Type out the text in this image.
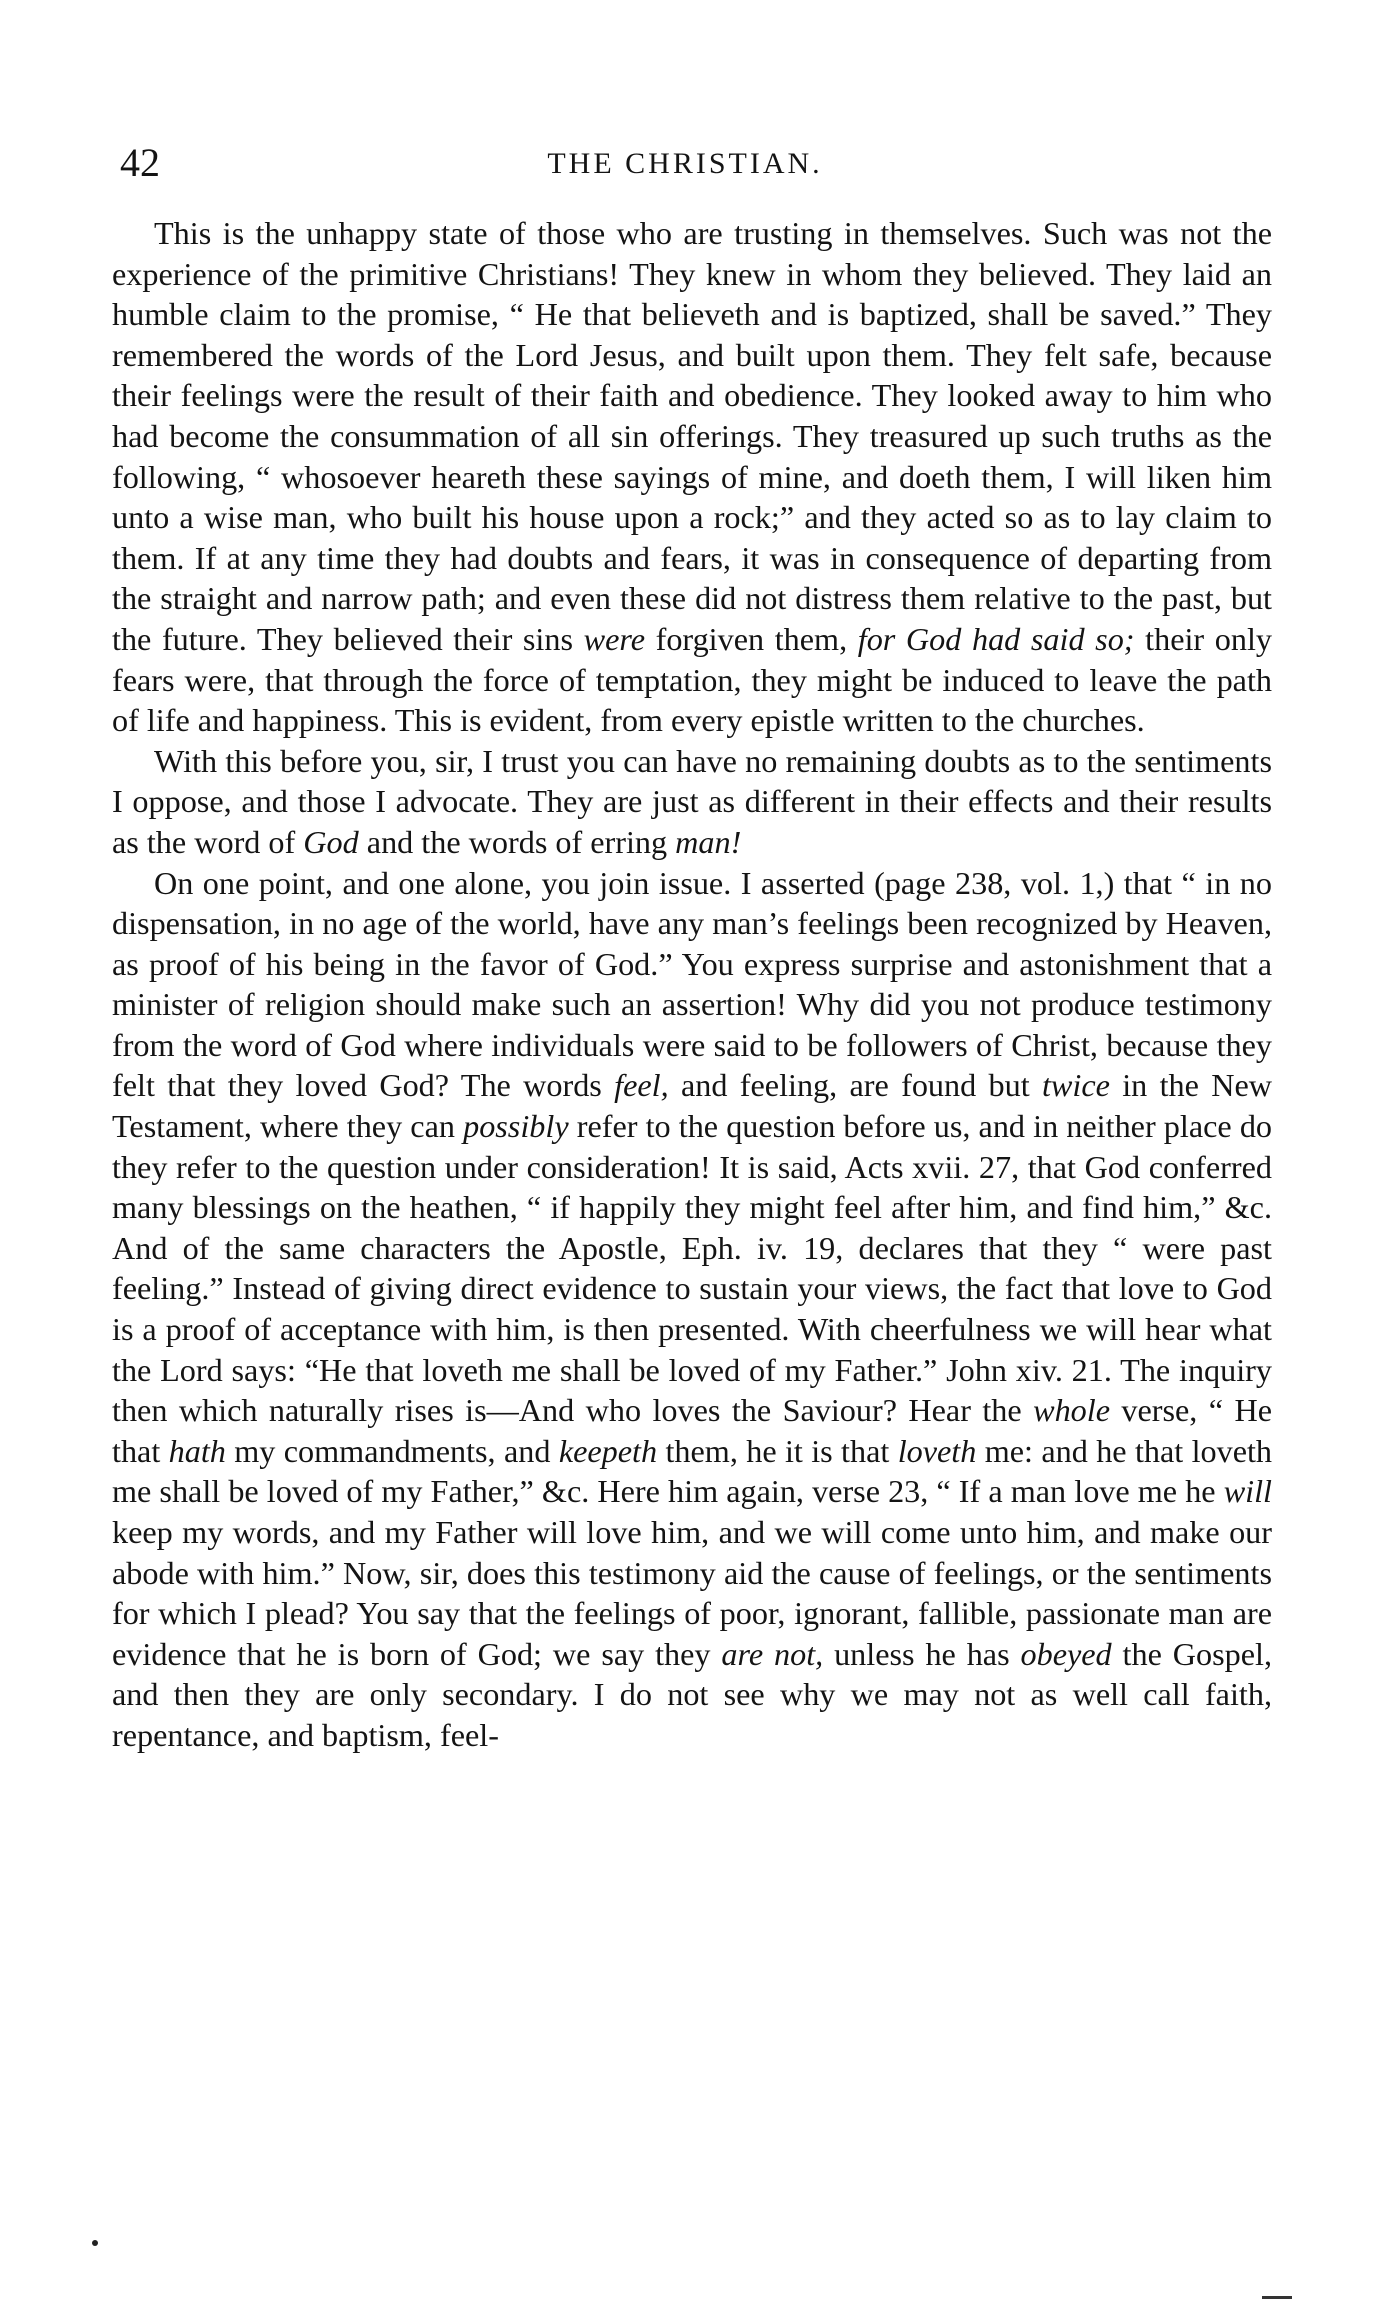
42	THE CHRISTIAN.

This is the unhappy state of those who are trusting in themselves. Such was not the experience of the primitive Christians! They knew in whom they believed. They laid an humble claim to the promise, “ He that believeth and is baptized, shall be saved.” They remembered the words of the Lord Jesus, and built upon them. They felt safe, because their feelings were the result of their faith and obedience. They looked away to him who had become the consummation of all sin offerings. They treasured up such truths as the following, “ whosoever heareth these sayings of mine, and doeth them, I will liken him unto a wise man, who built his house upon a rock;” and they acted so as to lay claim to them. If at any time they had doubts and fears, it was in consequence of departing from the straight and narrow path; and even these did not distress them relative to the past, but the future. They believed their sins were forgiven them, for God had said so; their only fears were, that through the force of temptation, they might be induced to leave the path of life and happiness. This is evident, from every epistle written to the churches.

With this before you, sir, I trust you can have no remaining doubts as to the sentiments I oppose, and those I advocate. They are just as different in their effects and their results as the word of God and the words of erring man!

On one point, and one alone, you join issue. I asserted (page 238, vol. 1,) that “ in no dispensation, in no age of the world, have any man’s feelings been recognized by Heaven, as proof of his being in the favor of God.” You express surprise and astonishment that a minister of religion should make such an assertion! Why did you not produce testimony from the word of God where individuals were said to be followers of Christ, because they felt that they loved God? The words feel, and feeling, are found but twice in the New Testament, where they can possibly refer to the question before us, and in neither place do they refer to the question under consideration! It is said, Acts xvii. 27, that God conferred many blessings on the heathen, “ if happily they might feel after him, and find him,” &c. And of the same characters the Apostle, Eph. iv. 19, declares that they “ were past feeling.” Instead of giving direct evidence to sustain your views, the fact that love to God is a proof of acceptance with him, is then presented. With cheerfulness we will hear what the Lord says: “He that loveth me shall be loved of my Father.” John xiv. 21. The inquiry then which naturally rises is—And who loves the Saviour? Hear the whole verse, “ He that hath my commandments, and keepeth them, he it is that loveth me: and he that loveth me shall be loved of my Father,” &c. Here him again, verse 23, “ If a man love me he will keep my words, and my Father will love him, and we will come unto him, and make our abode with him.” Now, sir, does this testimony aid the cause of feelings, or the sentiments for which I plead? You say that the feelings of poor, ignorant, fallible, passionate man are evidence that he is born of God; we say they are not, unless he has obeyed the Gospel, and then they are only secondary. I do not see why we may not as well call faith, repentance, and baptism, feel-
